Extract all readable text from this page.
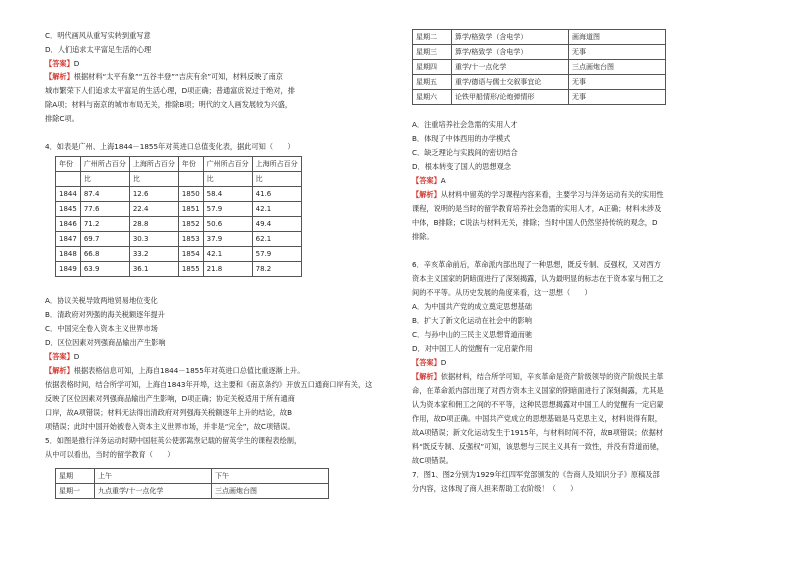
C．明代画风从重写实转到重写意
D．人们追求太平富足生活的心理
【答案】D
【解析】根据材料“太平有象”“五谷丰登”“吉庆有余”可知，材料反映了南京
城市繁荣下人们追求太平富足的生活心理，D项正确；普通富庶说过于绝对，排
除A项；材料与南京的城市布局无关，排除B项；明代的文人画发展较为兴盛，
排除C项。
4．如表是广州、上海1844－1855年对英进口总值变化表，据此可知（　　）
年份	广州所占百分	上海所占百分	年份	广州所占百分	上海所占百分
	比	比		比	比
1844	87.4	12.6	1850	58.4	41.6
1845	77.6	22.4	1851	57.9	42.1
1846	71.2	28.8	1852	50.6	49.4
1847	69.7	30.3	1853	37.9	62.1
1848	66.8	33.2	1854	42.1	57.9
1849	63.9	36.1	1855	21.8	78.2
A．协议关税导致两地贸易地位变化
B．清政府对列强的海关税额逐年提升
C．中国完全卷入资本主义世界市场
D．区位因素对列强商品输出产生影响
【答案】D
【解析】根据表格信息可知，上海自1844－1855年对英进口总值比重逐渐上升。
依据表格时间，结合所学可知，上海自1843年开埠，这主要和《南京条约》开放五口通商口岸有关，这
反映了区位因素对列强商品输出产生影响，D项正确；协定关税适用于所有通商
口岸，故A项错误；材料无法得出清政府对列强海关税额逐年上升的结论，故B
项错误；此时中国开始被卷入资本主义世界市场，并非是“完全”，故C项错误。
5．如图是推行洋务运动时期中国驻英公使郭嵩焘记载的留英学生的课程表绘制，
从中可以看出，当时的留学教育（　　）
星期	上午	下午
星期一	九点重学/十一点化学	三点画炮台图
星期二	算学/格致学（含电学）	画海道图
星期三	算学/格致学（含电学）	无事
星期四	重学/十一点化学	三点画炮台图
星期五	重学/德语与儒士交叙事宜论	无事
星期六	论铁甲船情形/论炮弹情形	无事
A．注重培养社会急需的实用人才
B．体现了中体西用的办学模式
C．缺乏理论与实践间的密切结合
D．根本转变了国人的思想观念
【答案】A
【解析】从材料中留英的学习课程内容来看，主要学习与洋务运动有关的实用性
课程，说明的是当时的留学教育培养社会急需的实用人才，A正确；材料未涉及
中体，B排除；C说法与材料无关，排除；当时中国人仍然坚持传统的观念，D
排除。
6．辛亥革命前后，革命派内部出现了一种思想，既反专制、反强权，又对西方
资本主义国家的阴暗面进行了深刻揭露，认为最明显的标志在于资本家与佣工之
间的不平等。从历史发展的角度来看，这一思想（　　）
A．为中国共产党的成立奠定思想基础
B．扩大了新文化运动在社会中的影响
C．与孙中山的三民主义思想背道而驰
D．对中国工人的觉醒有一定启蒙作用
【答案】D
【解析】依据材料，结合所学可知，辛亥革命是资产阶级领导的资产阶级民主革
命，在革命派内部出现了对西方资本主义国家的阴暗面进行了深刻揭露，尤其是
认为资本家和佣工之间的不平等，这种民思想揭露对中国工人的觉醒有一定启蒙
作用，故D项正确。中国共产党成立的思想基础是马克思主义，材料说得有限，
故A项错误；新文化运动发生于1915年，与材料时间不符，故B项错误；依据材
料“既反专制、反强权”可知，该思想与三民主义具有一致性，并没有背道而驰，
故C项错误。
7．图1、图2分别为1929年红四军党部颁发的《告商人及知识分子》原稿及部
分内容，这体现了商人担来帮助工农阶级！（　　）
